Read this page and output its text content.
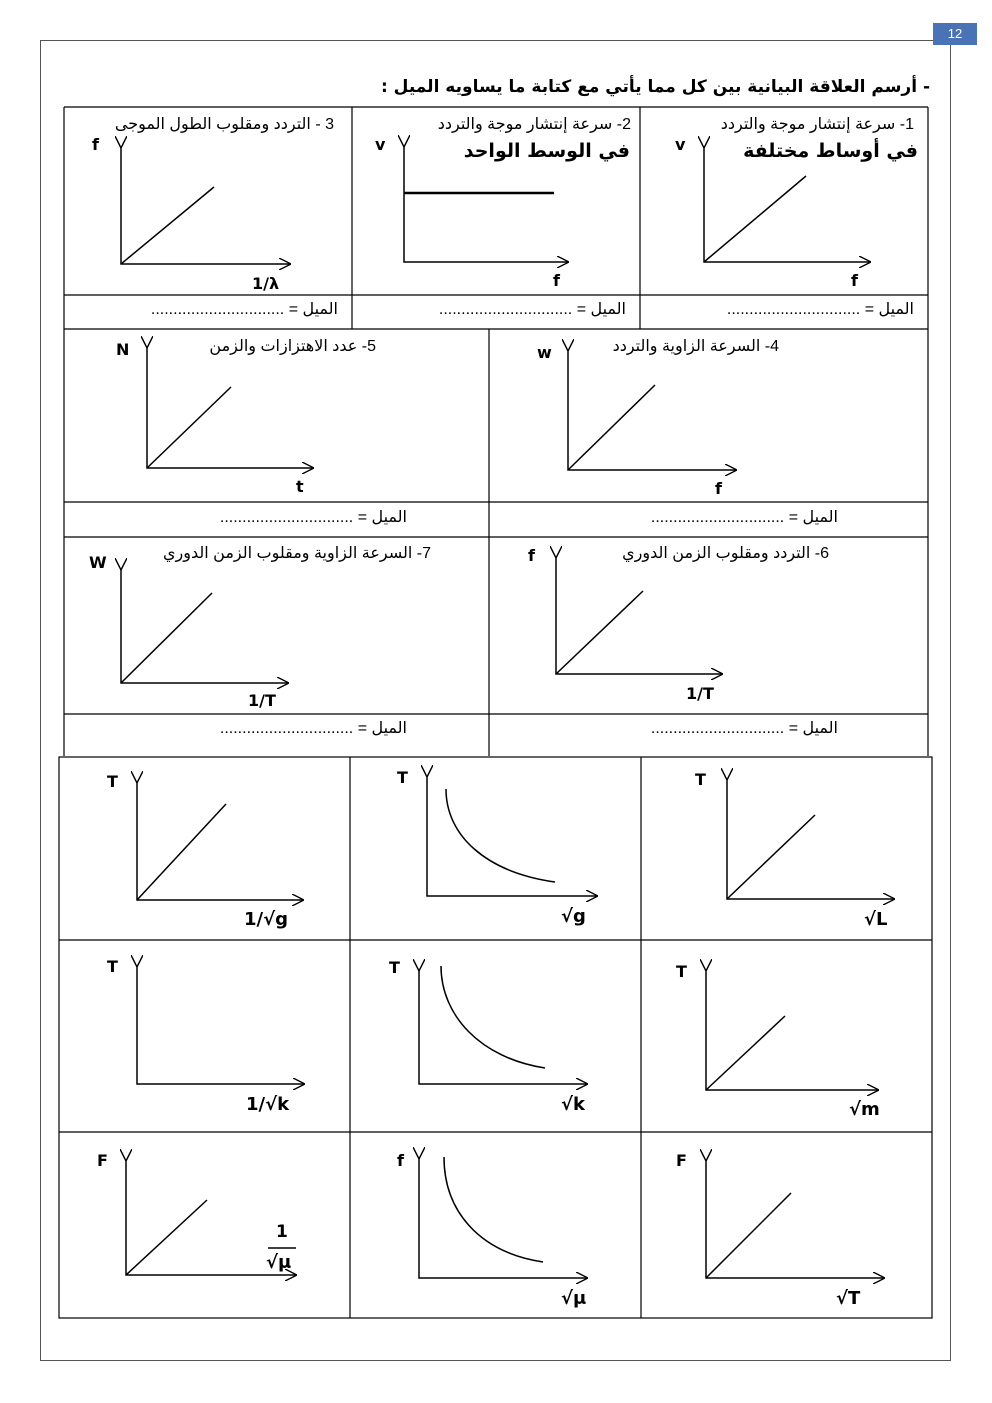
12
- أرسم العلاقة البيانية بين كل مما يأتي مع كتابة ما يساويه الميل :
1- سرعة إنتشار موجة والتردد
في أوساط مختلفة
2- سرعة إنتشار موجة والتردد
في الوسط الواحد
3 - التردد ومقلوب الطول الموجى
4- السرعة الزاوية والتردد
5- عدد الاهتزازات والزمن
6- التردد ومقلوب الزمن الدوري
7- السرعة الزاوية ومقلوب الزمن الدوري
v
f
v
f
f
1/λ
w
f
N
t
f
1/T
W
1/T
الميل = ..............................
الميل = ..............................
الميل = ..............................
الميل = ..............................
الميل = ..............................
الميل = ..............................
الميل = ..............................
T
√L
T
√g
T
1/√g
T
√m
T
√k
T
1/√k
F
√T
f
√μ
F
1
√μ
